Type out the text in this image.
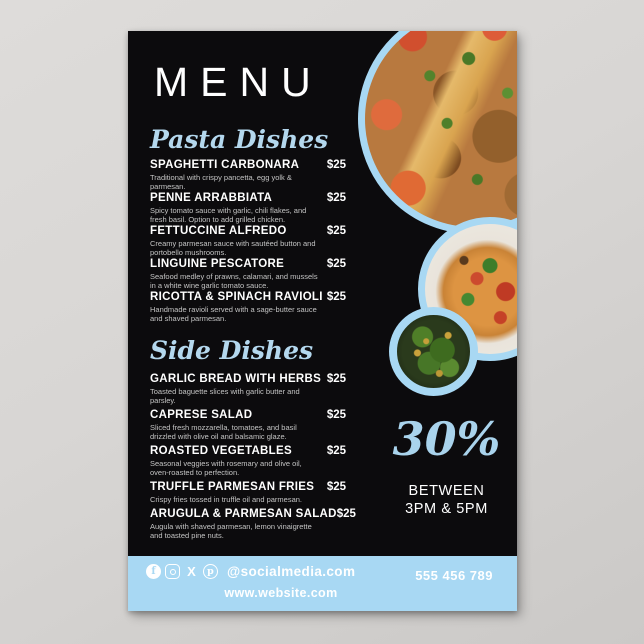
MENU
Pasta Dishes
SPAGHETTI CARBONARA $25
Traditional with crispy pancetta, egg yolk & parmesan.
PENNE ARRABBIATA	$25
Spicy tomato sauce with garlic, chili flakes, and fresh basil. Option to add grilled chicken.
FETTUCCINE ALFREDO	$25
Creamy parmesan sauce with sautéed button and portobello mushrooms.
LINGUINE PESCATORE	$25
Seafood medley of prawns, calamari, and mussels in a white wine garlic tomato sauce.
RICOTTA & SPINACH RAVIOLI $25
Handmade ravioli served with a sage-butter sauce and shaved parmesan.
Side Dishes
GARLIC BREAD WITH HERBS $25
Toasted baguette slices with garlic butter and parsley.
CAPRESE SALAD	$25
Sliced fresh mozzarella, tomatoes, and basil drizzled with olive oil and balsamic glaze.
ROASTED VEGETABLES	$25
Seasonal veggies with rosemary and olive oil, oven-roasted to perfection.
TRUFFLE PARMESAN FRIES $25
Crispy fries tossed in truffle oil and parmesan.
ARUGULA & PARMESAN SALAD $25
Augula with shaved parmesan, lemon vinaigrette and toasted pine nuts.
30%
BETWEEN
3PM & 5PM
f
X
p
@socialmedia.com	555 456 789
www.website.com
